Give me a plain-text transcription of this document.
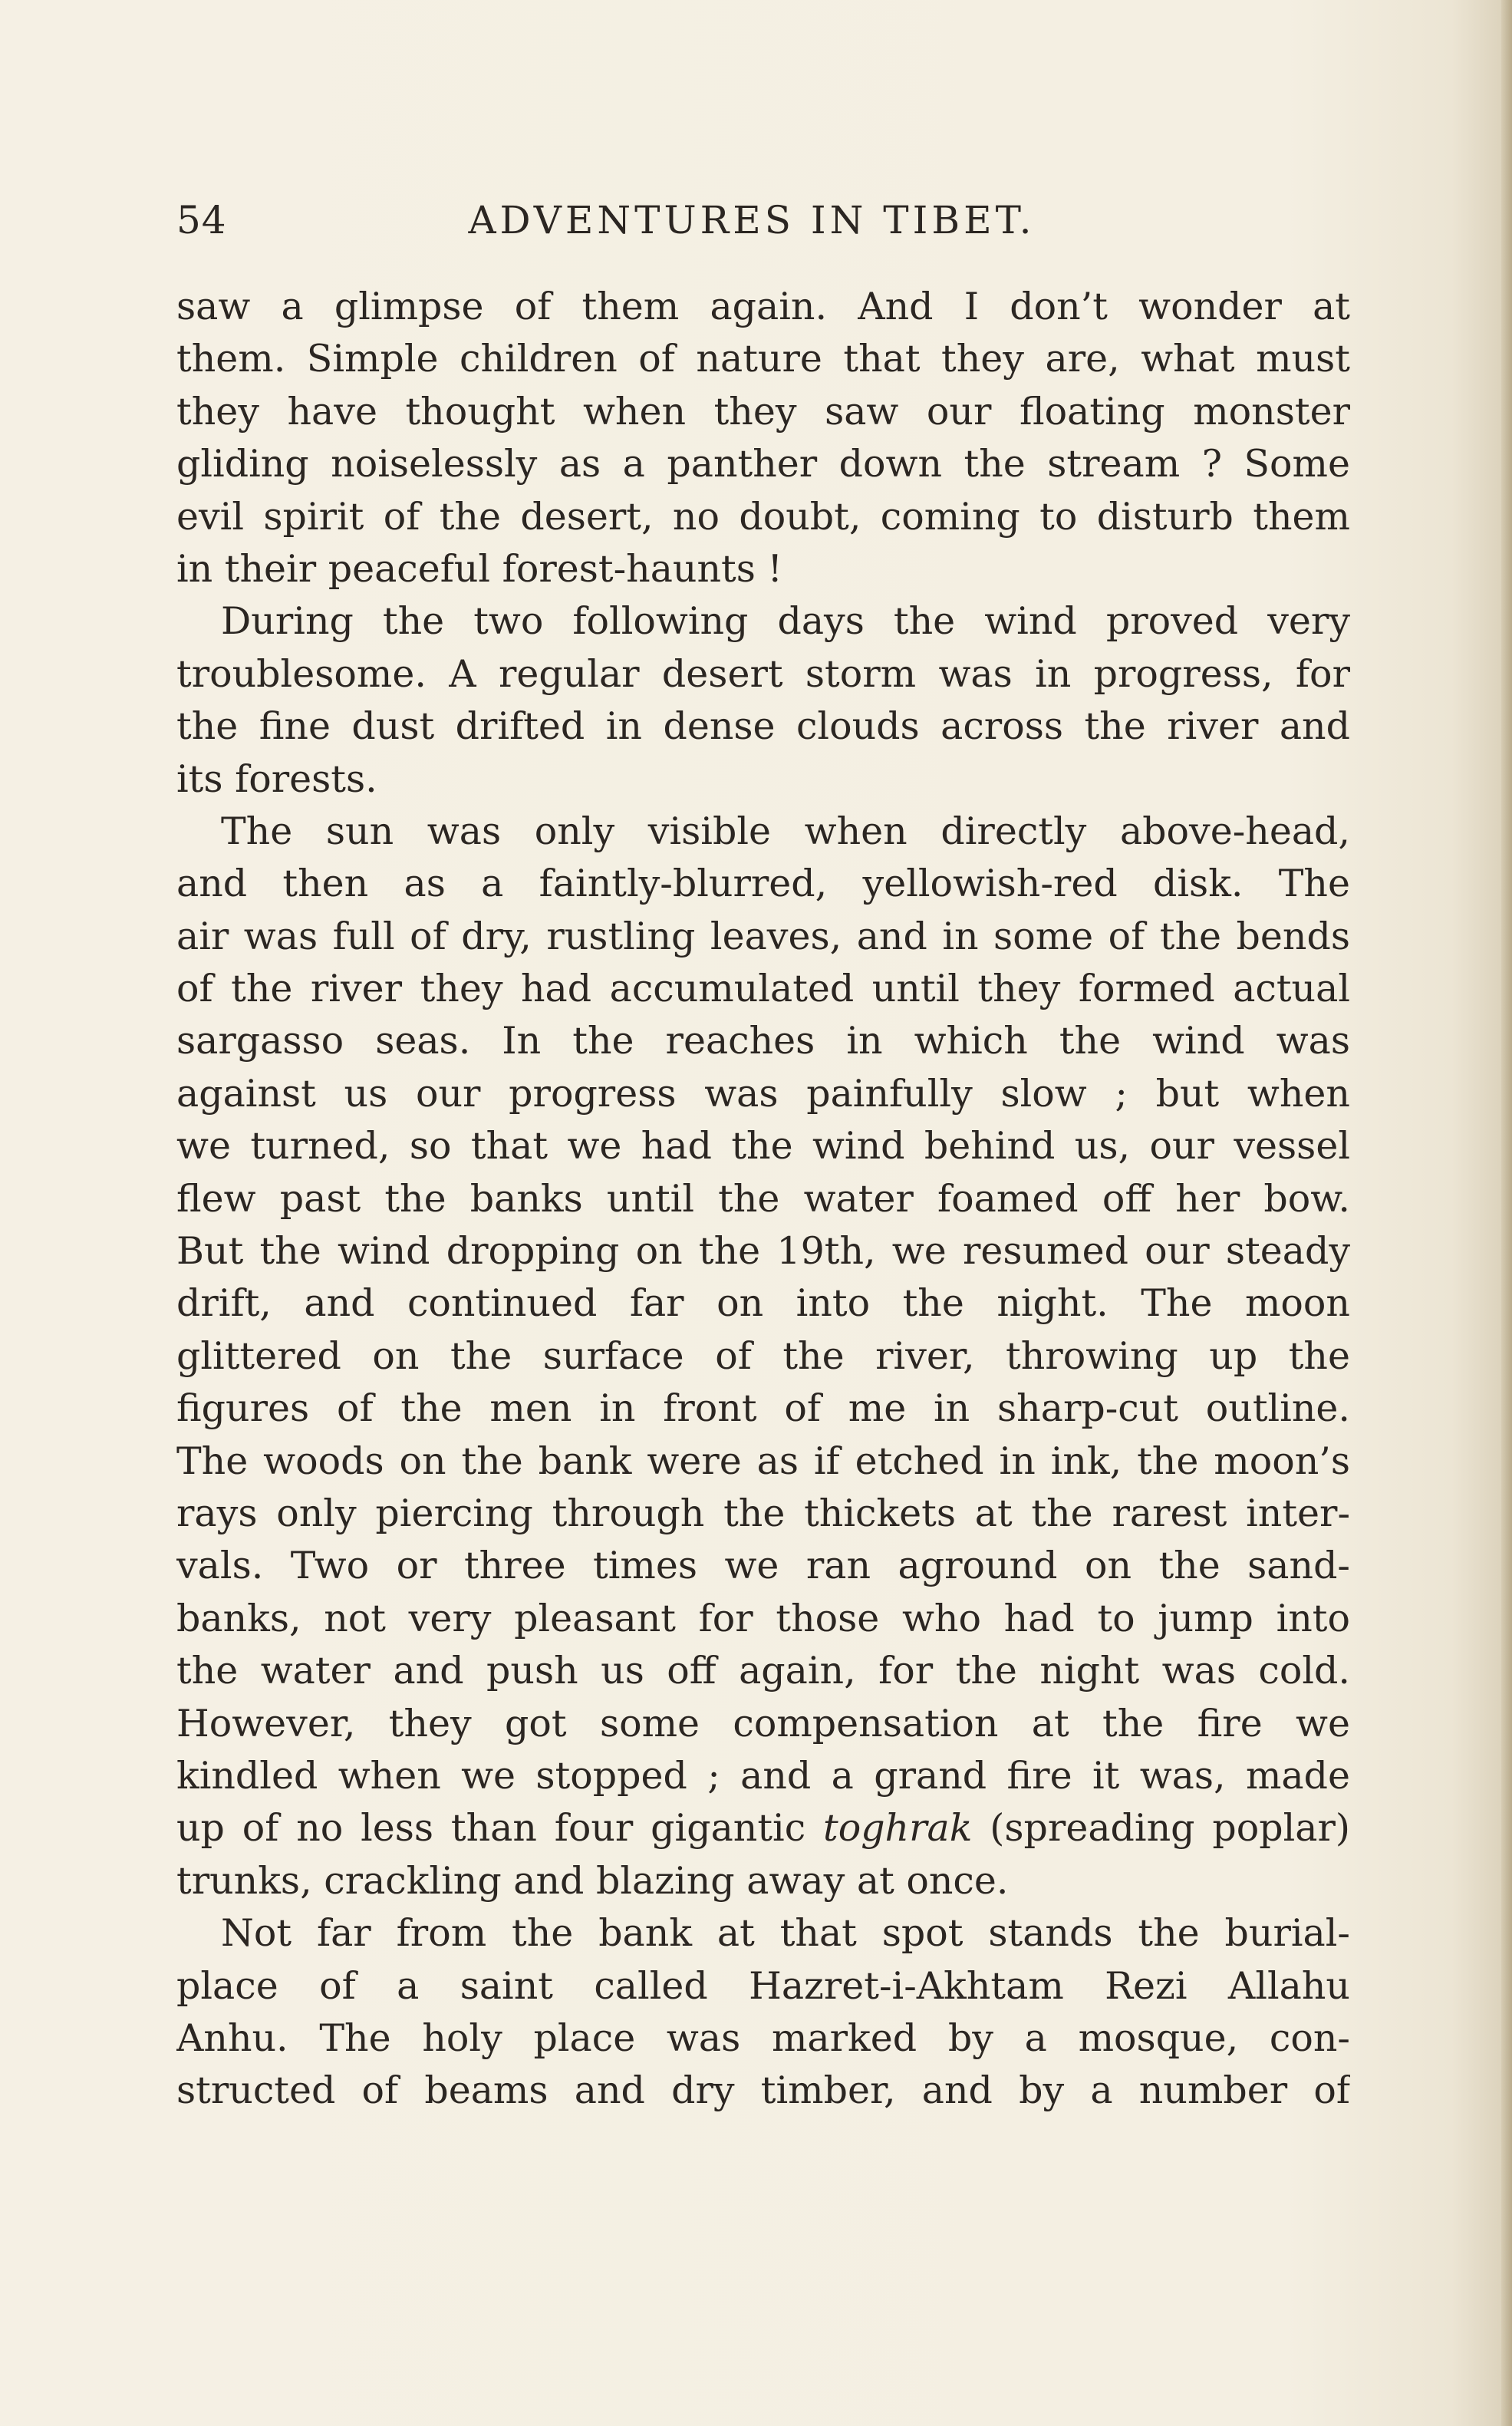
54	ADVENTURES IN TIBET.
saw a glimpse of them again. And I don’t wonder at
them. Simple children of nature that they are, what must
they have thought when they saw our floating monster
gliding noiselessly as a panther down the stream ? Some
evil spirit of the desert, no doubt, coming to disturb them
in their peaceful forest-haunts !
During the two following days the wind proved very
troublesome. A regular desert storm was in progress, for
the fine dust drifted in dense clouds across the river and
its forests.
The sun was only visible when directly above-head,
and then as a faintly-blurred, yellowish-red disk. The
air was full of dry, rustling leaves, and in some of the bends
of the river they had accumulated until they formed actual
sargasso seas. In the reaches in which the wind was
against us our progress was painfully slow ; but when
we turned, so that we had the wind behind us, our vessel
flew past the banks until the water foamed off her bow.
But the wind dropping on the 19th, we resumed our steady
drift, and continued far on into the night. The moon
glittered on the surface of the river, throwing up the
figures of the men in front of me in sharp-cut outline.
The woods on the bank were as if etched in ink, the moon’s
rays only piercing through the thickets at the rarest inter-
vals. Two or three times we ran aground on the sand-
banks, not very pleasant for those who had to jump into
the water and push us off again, for the night was cold.
However, they got some compensation at the fire we
kindled when we stopped ; and a grand fire it was, made
up of no less than four gigantic toghrak (spreading poplar)
trunks, crackling and blazing away at once.
Not far from the bank at that spot stands the burial-
place of a saint called Hazret-i-Akhtam Rezi Allahu
Anhu. The holy place was marked by a mosque, con-
structed of beams and dry timber, and by a number of
